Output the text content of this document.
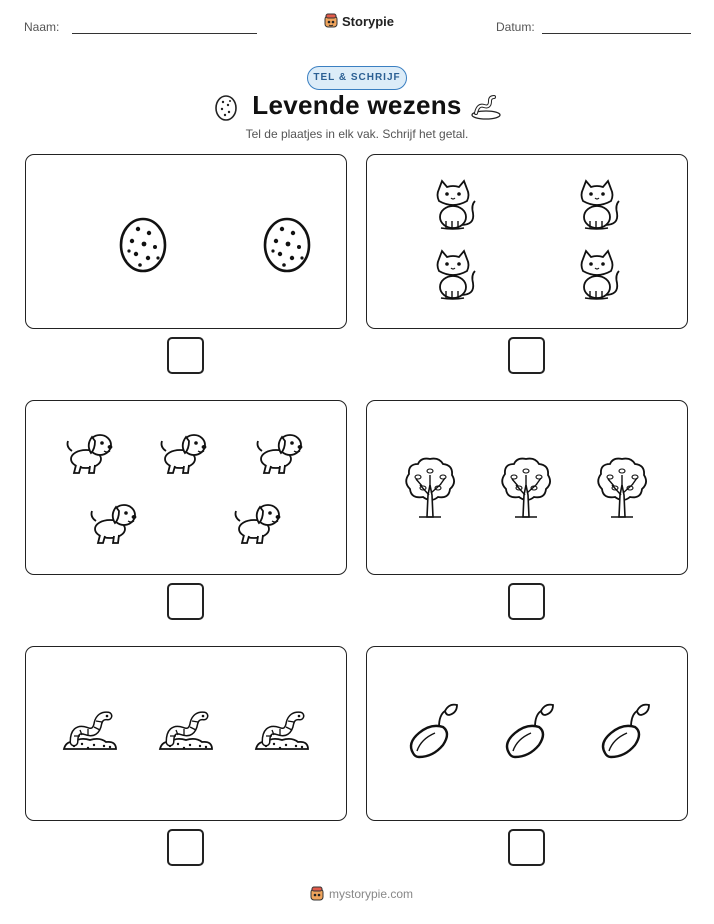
Naam:	Storypie	Datum:
TEL & SCHRIJF
Levende wezens
Tel de plaatjes in elk vak. Schrijf het getal.
mystorypie.com
